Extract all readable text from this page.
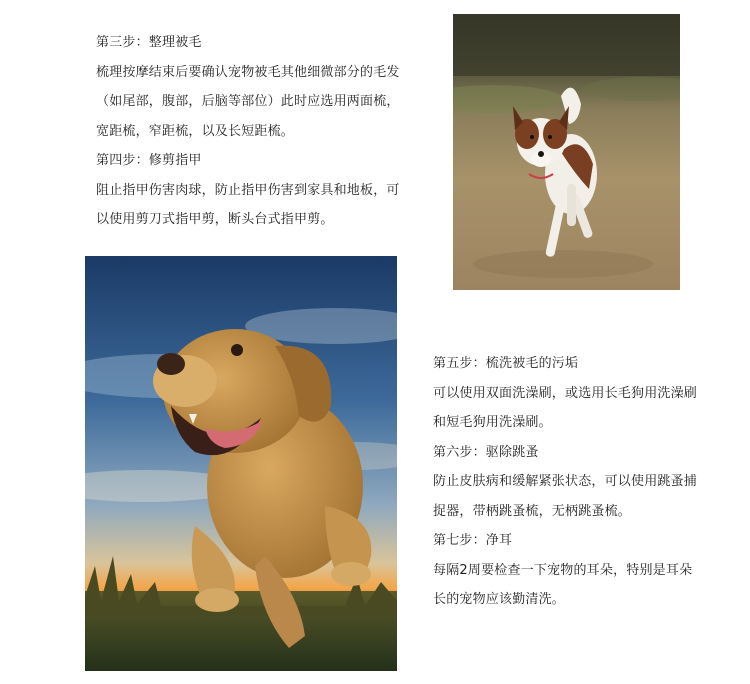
第三步：整理被毛

梳理按摩结束后要确认宠物被毛其他细微部分的毛发

（如尾部，腹部，后脑等部位）此时应选用两面梳，

宽距梳，窄距梳，以及长短距梳。

第四步：修剪指甲

阻止指甲伤害肉球，防止指甲伤害到家具和地板，可

以使用剪刀式指甲剪，断头台式指甲剪。

第五步：梳洗被毛的污垢

可以使用双面洗澡刷，或选用长毛狗用洗澡刷

和短毛狗用洗澡刷。

第六步：驱除跳蚤

防止皮肤病和缓解紧张状态，可以使用跳蚤捕

捉器，带柄跳蚤梳，无柄跳蚤梳。

第七步：净耳

每隔2周要检查一下宠物的耳朵，特别是耳朵

长的宠物应该勤清洗。
